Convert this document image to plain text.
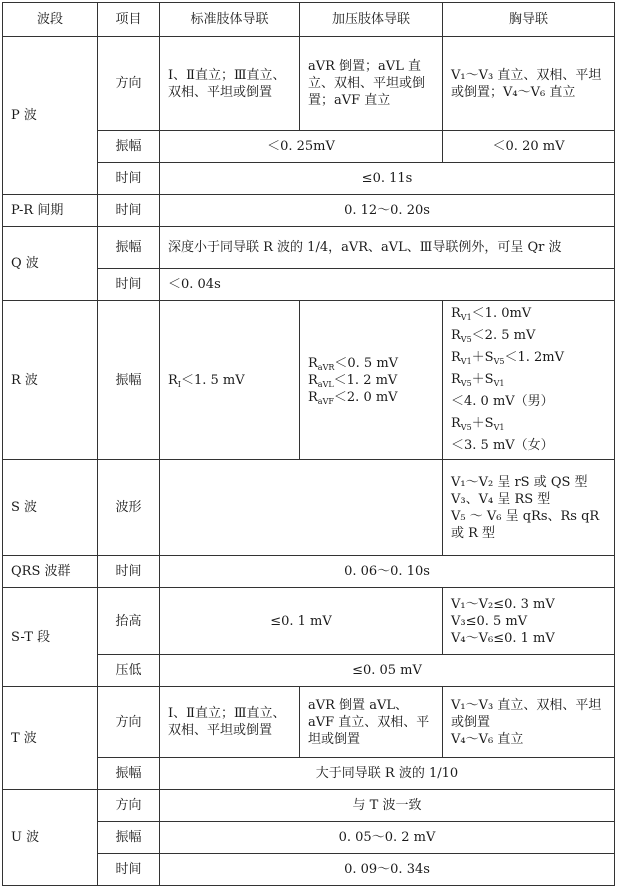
波段	项目	标准肢体导联	加压肢体导联	胸导联
P 波	方向	Ⅰ、Ⅱ直立；Ⅲ直立、双相、平坦或倒置	aVR 倒置；aVL 直立、双相、平坦或倒置；aVF 直立	V₁～V₃ 直立、双相、平坦或倒置；V₄～V₆ 直立
	振幅	＜0. 25mV		＜0. 20 mV
	时间	≤0. 11s		
P-R 间期	时间	0. 12～0. 20s		
Q 波	振幅	深度小于同导联 R 波的 1/4，aVR、aVL、Ⅲ导联例外，可呈 Qr 波		
	时间	＜0. 04s		
R 波	振幅	$R_Ⅰ<1$. 5 mV	$R_{aVR}<0$. 5 mV
$R_{aVL}<1$. 2 mV
$R_{aVF}<2$. 0 mV	$R_{V1}<1$. 0mV
$R_{V5}<2$. 5 mV
$R_{V1}+S_{V5}<1$. 2mV
$R_{V5}+S_{V1}<4$. 0 mV（男）
$R_{V5}+S_{V1}<3$. 5 mV（女）

S 波	波形			V₁～V₂ 呈 rS 或 QS 型
V₃、V₄ 呈 RS 型
V₅ ～ V₆ 呈 qRs、Rs qR 或 R 型

QRS 波群	时间	0. 06～0. 10s		
S-T 段	抬高	≤0. 1 mV		V₁～V₂≤0. 3 mV
V₃≤0. 5 mV
V₄～V₆≤0. 1 mV

	压低	≤0. 05 mV		
T 波	方向	Ⅰ、Ⅱ直立；Ⅲ直立、双相、平坦或倒置	aVR 倒置 aVL、aVF 直立、双相、平坦或倒置	V₁～V₃ 直立、双相、平坦或倒置
V₄～V₆ 直立

	振幅	大于同导联 R 波的 1/10		
U 波	方向	与 T 波一致		
	振幅	0. 05～0. 2 mV		
	时间	0. 09～0. 34s		
